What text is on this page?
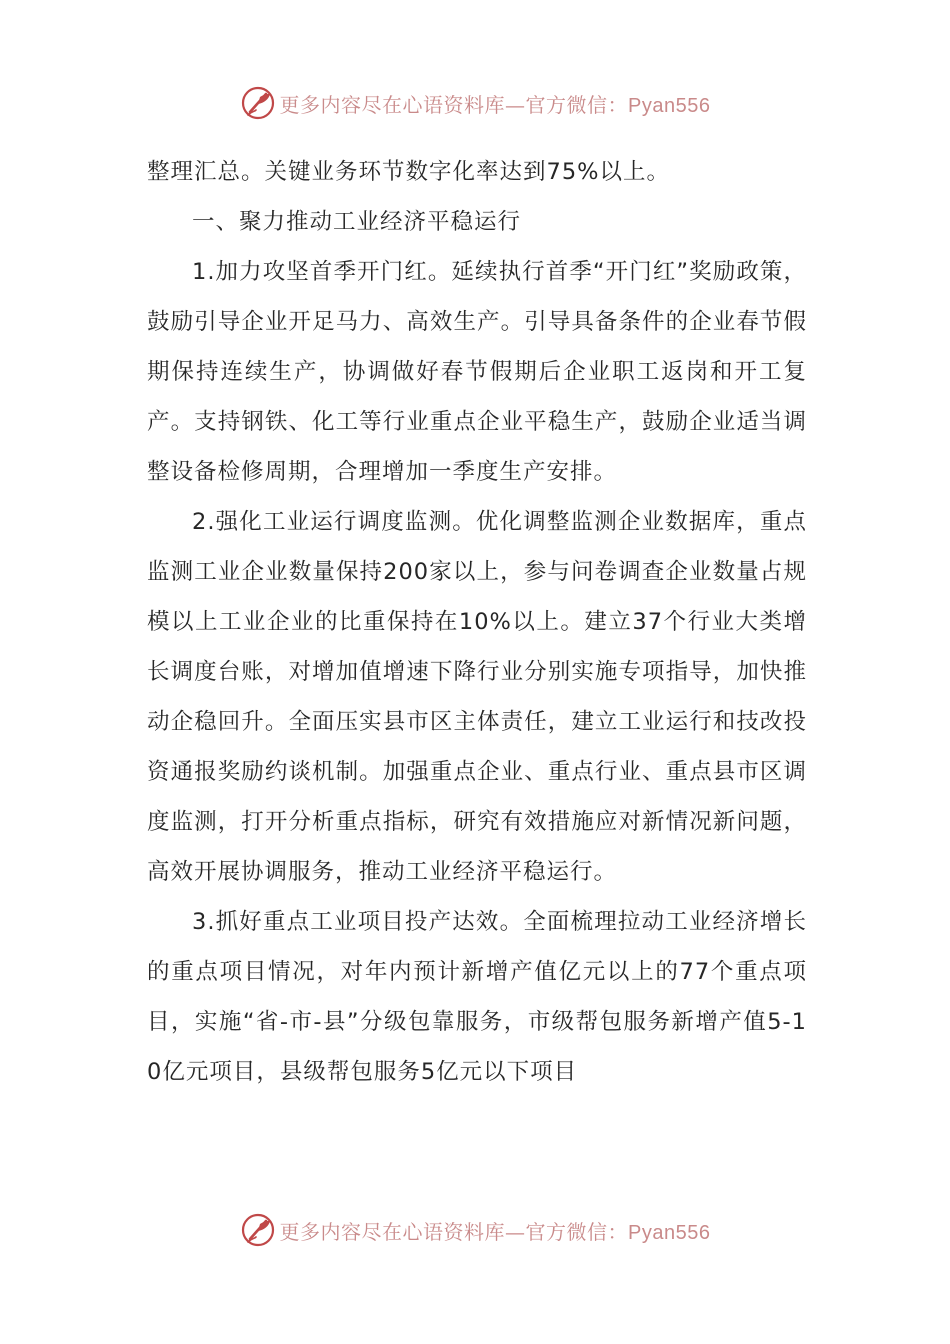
更多内容尽在心语资料库—官方微信：Pyan556

整理汇总。关键业务环节数字化率达到75%以上。

一、聚力推动工业经济平稳运行

1.加力攻坚首季开门红。延续执行首季“开门红”奖励政策，鼓励引导企业开足马力、高效生产。引导具备条件的企业春节假期保持连续生产，协调做好春节假期后企业职工返岗和开工复产。支持钢铁、化工等行业重点企业平稳生产，鼓励企业适当调整设备检修周期，合理增加一季度生产安排。

2.强化工业运行调度监测。优化调整监测企业数据库，重点监测工业企业数量保持200家以上，参与问卷调查企业数量占规模以上工业企业的比重保持在10%以上。建立37个行业大类增长调度台账，对增加值增速下降行业分别实施专项指导，加快推动企稳回升。全面压实县市区主体责任，建立工业运行和技改投资通报奖励约谈机制。加强重点企业、重点行业、重点县市区调度监测，打开分析重点指标，研究有效措施应对新情况新问题，高效开展协调服务，推动工业经济平稳运行。

3.抓好重点工业项目投产达效。全面梳理拉动工业经济增长的重点项目情况，对年内预计新增产值亿元以上的77个重点项目，实施“省-市-县”分级包靠服务，市级帮包服务新增产值5-10亿元项目，县级帮包服务5亿元以下项目

更多内容尽在心语资料库—官方微信：Pyan556
